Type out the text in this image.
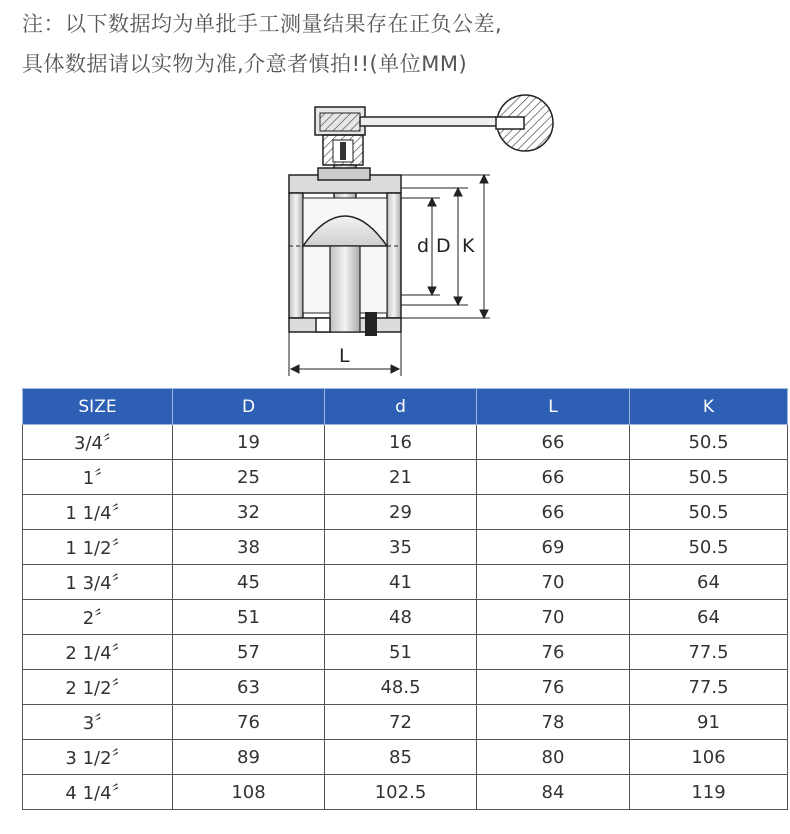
注：以下数据均为单批手工测量结果存在正负公差,
具体数据请以实物为准,介意者慎拍!!(单位MM)
d D K
L
SIZE	D	d	L	K
3/4〞	19	16	66	50.5
1〞	25	21	66	50.5
1 1/4〞	32	29	66	50.5
1 1/2〞	38	35	69	50.5
1 3/4〞	45	41	70	64
2〞	51	48	70	64
2 1/4〞	57	51	76	77.5
2 1/2〞	63	48.5	76	77.5
3〞	76	72	78	91
3 1/2〞	89	85	80	106
4 1/4〞	108	102.5	84	119
